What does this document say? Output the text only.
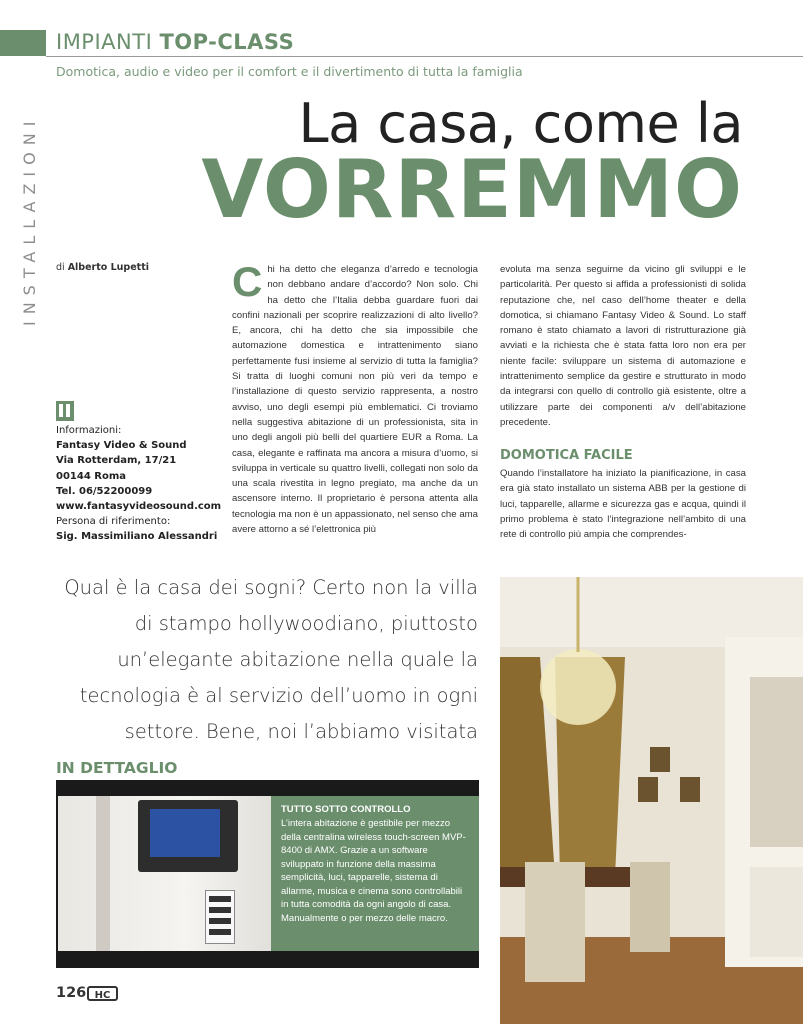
IMPIANTI TOP-CLASS
Domotica, audio e video per il comfort e il divertimento di tutta la famiglia
INSTALLAZIONI	La casa, come la
VORREMMO
di Alberto Lupetti
Informazioni:
Fantasy Video & Sound
Via Rotterdam, 17/21
00144 Roma
Tel. 06/52200099
www.fantasyvideosound.com
Persona di riferimento:
Sig. Massimiliano Alessandri
Chi ha detto che eleganza d’arredo e tecnologia non debbano andare d’accordo? Non solo. Chi ha detto che l’Italia debba guardare fuori dai confini nazionali per scoprire realizzazioni di alto livello? E, ancora, chi ha detto che sia impossibile che automazione domestica e intrattenimento siano perfettamente fusi insieme al servizio di tutta la famiglia? Si tratta di luoghi comuni non più veri da tempo e l’installazione di questo servizio rappresenta, a nostro avviso, uno degli esempi più emblematici. Ci troviamo nella suggestiva abitazione di un professionista, sita in uno degli angoli più belli del quartiere EUR a Roma. La casa, elegante e raffinata ma ancora a misura d’uomo, si sviluppa in verticale su quattro livelli, collegati non solo da una scala rivestita in legno pregiato, ma anche da un ascensore interno. Il proprietario è persona attenta alla tecnologia ma non è un appassionato, nel senso che ama avere attorno a sé l’elettronica più
evoluta ma senza seguirne da vicino gli sviluppi e le particolarità. Per questo si affida a professionisti di solida reputazione che, nel caso dell’home theater e della domotica, si chiamano Fantasy Video & Sound. Lo staff romano è stato chiamato a lavori di ristrutturazione già avviati e la richiesta che è stata fatta loro non era per niente facile: sviluppare un sistema di automazione e intrattenimento semplice da gestire e strutturato in modo da integrarsi con quello di controllo già esistente, oltre a utilizzare parte dei componenti a/v dell’abitazione precedente.
DOMOTICA FACILE
Quando l’installatore ha iniziato la pianificazione, in casa era già stato installato un sistema ABB per la gestione di luci, tapparelle, allarme e sicurezza gas e acqua, quindi il primo problema è stato l’integrazione nell’ambito di una rete di controllo più ampia che comprendes-
Qual è la casa dei sogni? Certo non la villa di stampo hollywoodiano, piuttosto un’elegante abitazione nella quale la tecnologia è al servizio dell’uomo in ogni settore. Bene, noi l’abbiamo visitata
IN DETTAGLIO
TUTTO SOTTO CONTROLLO
L’intera abitazione è gestibile per mezzo della centralina wireless touch-screen MVP-8400 di AMX. Grazie a un software sviluppato in funzione della massima semplicità, luci, tapparelle, sistema di allarme, musica e cinema sono controllabili in tutta comodità da ogni angolo di casa. Manualmente o per mezzo delle macro.
126 HC
